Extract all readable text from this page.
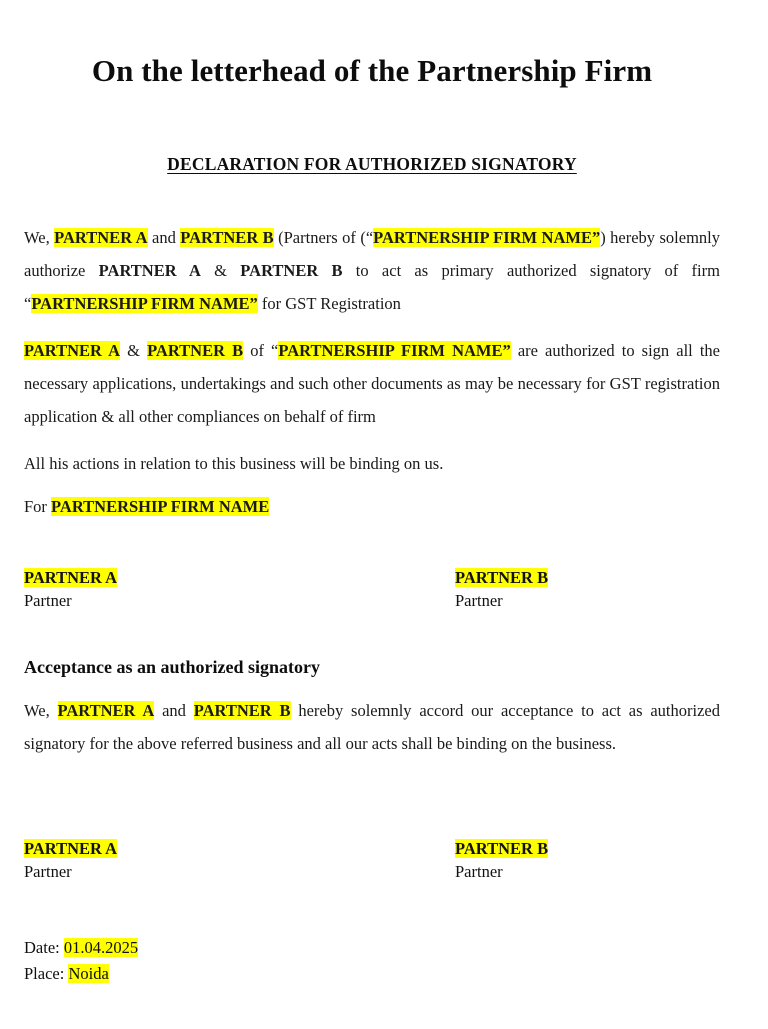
On the letterhead of the Partnership Firm
DECLARATION FOR AUTHORIZED SIGNATORY

We, PARTNER A and PARTNER B (Partners of (“PARTNERSHIP FIRM NAME”) hereby solemnly authorize PARTNER A & PARTNER B to act as primary authorized signatory of firm “PARTNERSHIP FIRM NAME” for GST Registration

PARTNER A & PARTNER B of “PARTNERSHIP FIRM NAME” are authorized to sign all the necessary applications, undertakings and such other documents as may be necessary for GST registration application & all other compliances on behalf of firm

All his actions in relation to this business will be binding on us.

For PARTNERSHIP FIRM NAME

PARTNER A
Partner
PARTNER B
Partner
Acceptance as an authorized signatory

We, PARTNER A and PARTNER B hereby solemnly accord our acceptance to act as authorized signatory for the above referred business and all our acts shall be binding on the business.

PARTNER A
Partner
PARTNER B
Partner

Date: 01.04.2025

Place: Noida
